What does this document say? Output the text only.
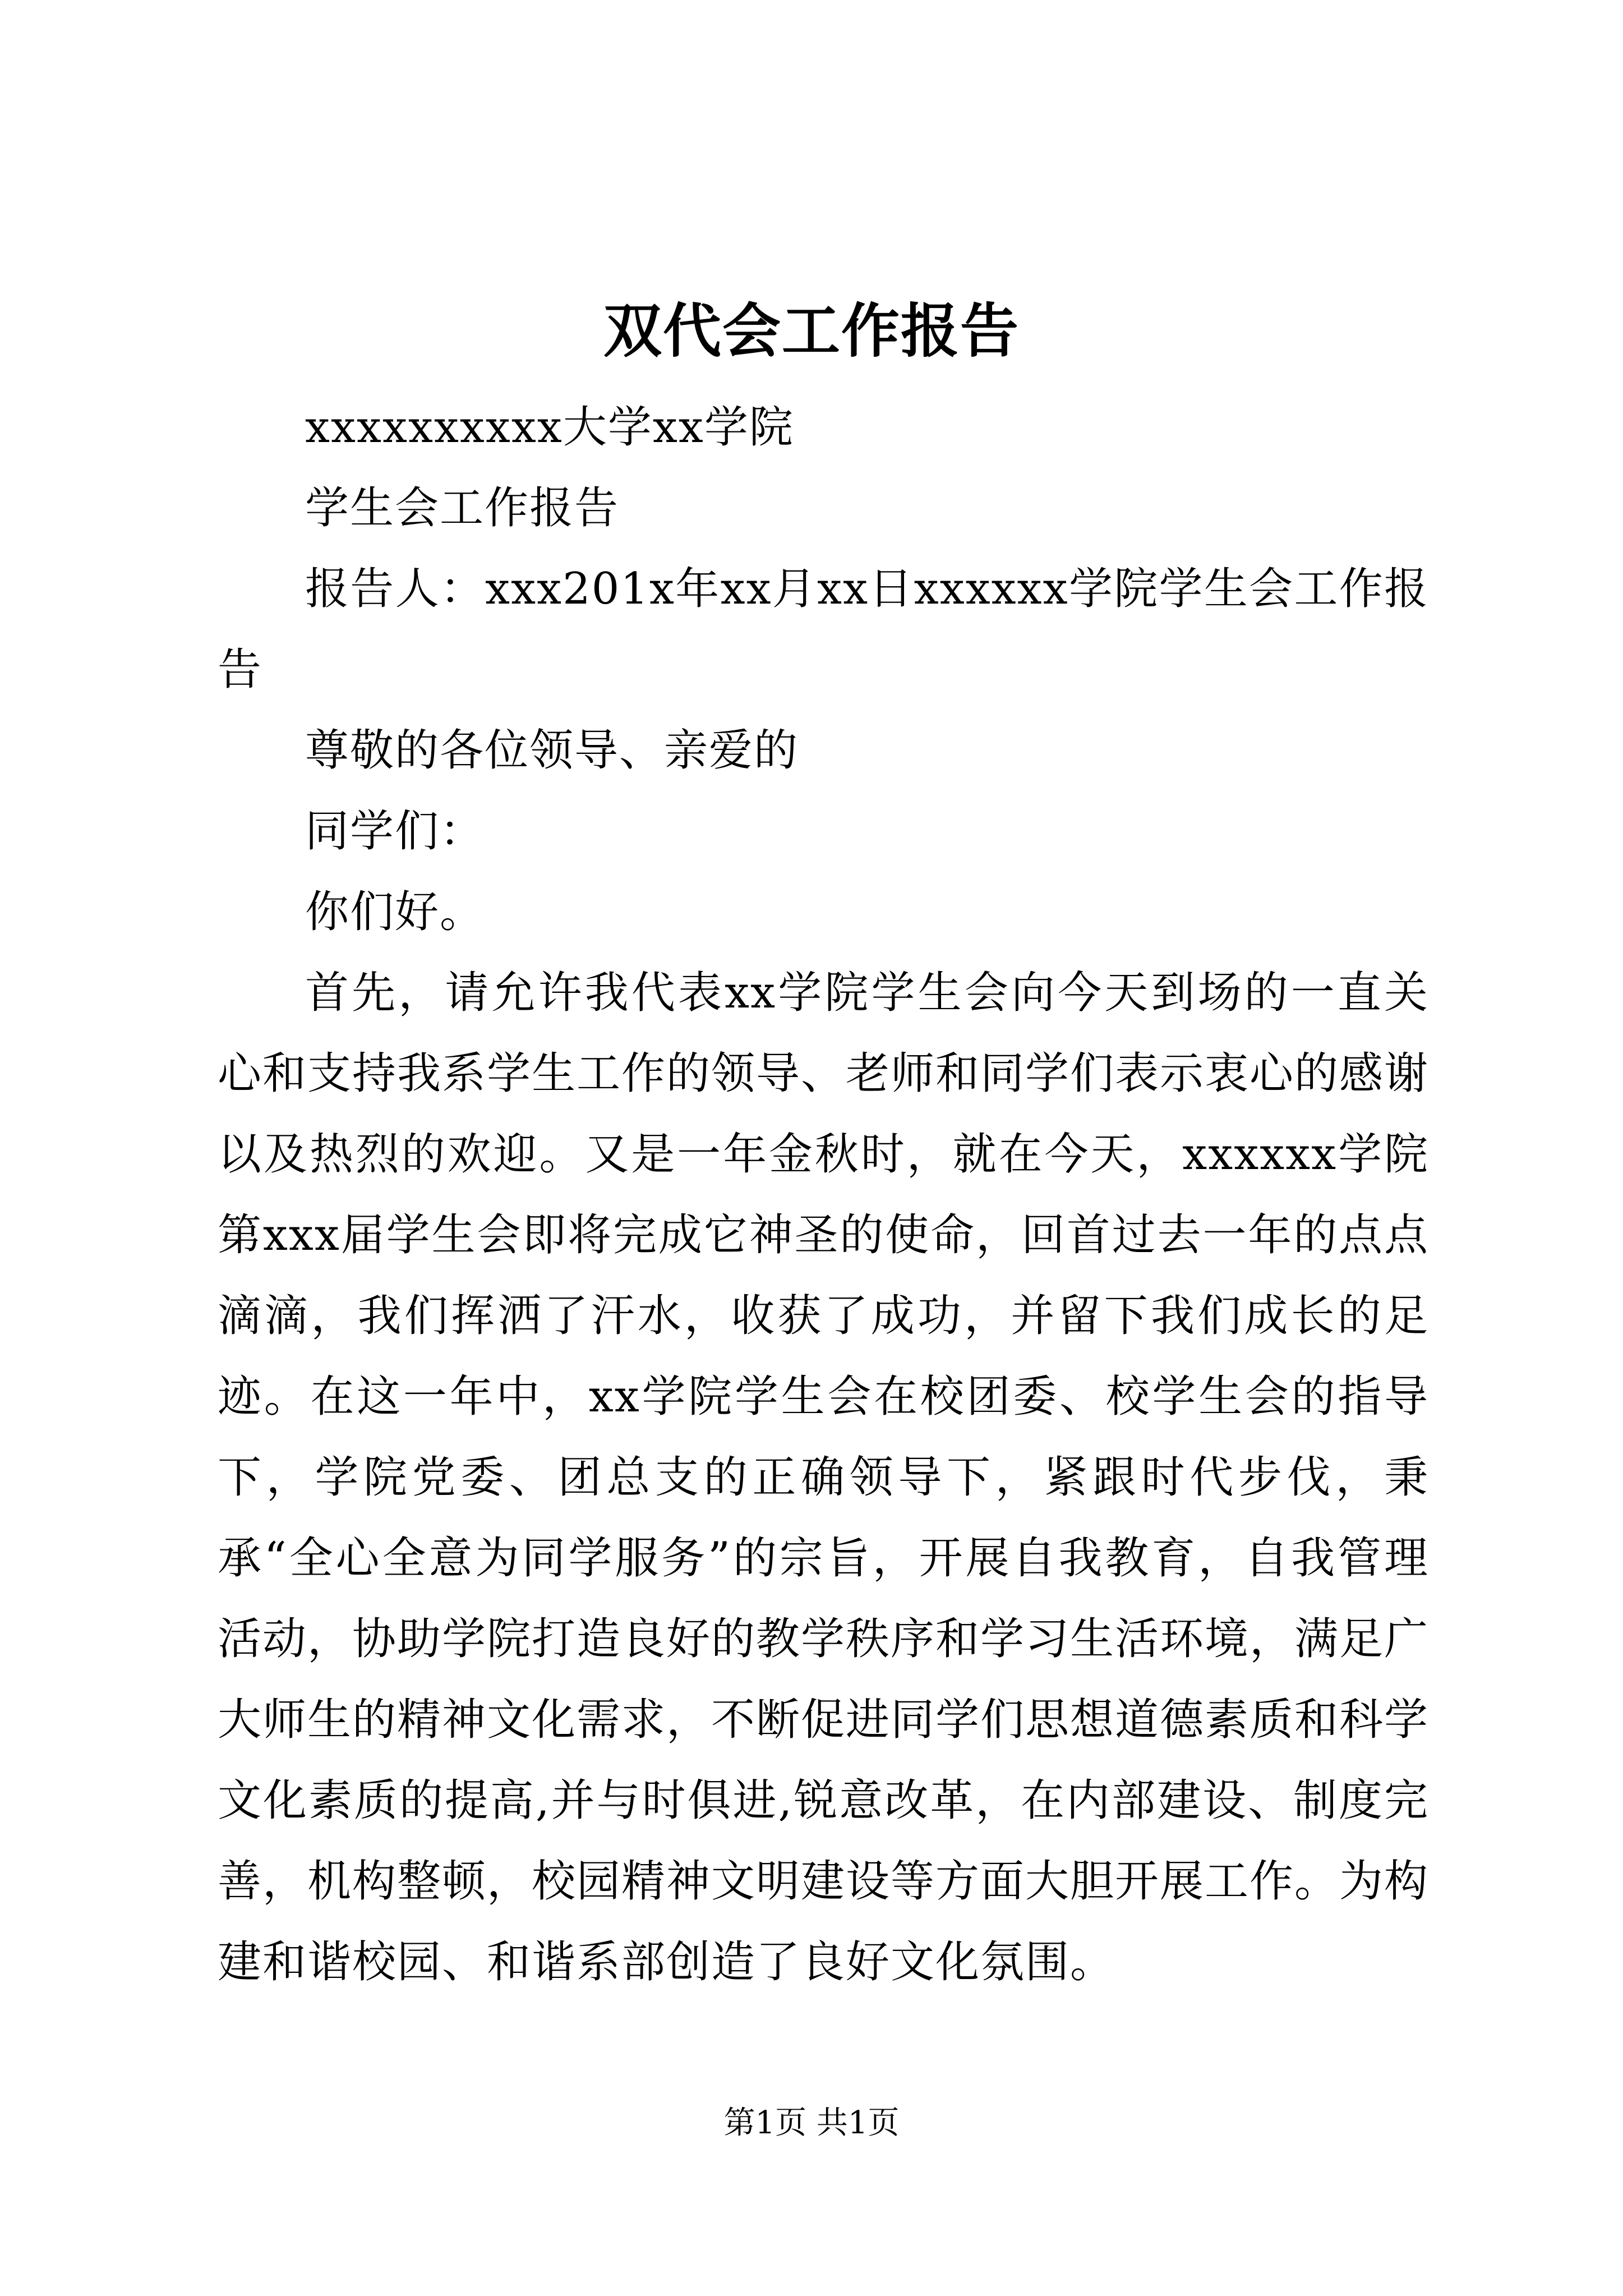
双代会工作报告

xxxxxxxxxx大学xx学院

学生会工作报告

报告人：xxx201x年xx月xx日xxxxxx学院学生会工作报告

尊敬的各位领导、亲爱的

同学们：

你们好。

首先，请允许我代表xx学院学生会向今天到场的一直关心和支持我系学生工作的领导、老师和同学们表示衷心的感谢以及热烈的欢迎。又是一年金秋时，就在今天，xxxxxx学院第xxx届学生会即将完成它神圣的使命，回首过去一年的点点滴滴，我们挥洒了汗水，收获了成功，并留下我们成长的足迹。在这一年中，xx学院学生会在校团委、校学生会的指导下，学院党委、团总支的正确领导下，紧跟时代步伐，秉承“全心全意为同学服务”的宗旨，开展自我教育，自我管理活动，协助学院打造良好的教学秩序和学习生活环境，满足广大师生的精神文化需求，不断促进同学们思想道德素质和科学文化素质的提高,并与时俱进,锐意改革，在内部建设、制度完善，机构整顿，校园精神文明建设等方面大胆开展工作。为构建和谐校园、和谐系部创造了良好文化氛围。

第1页 共1页
